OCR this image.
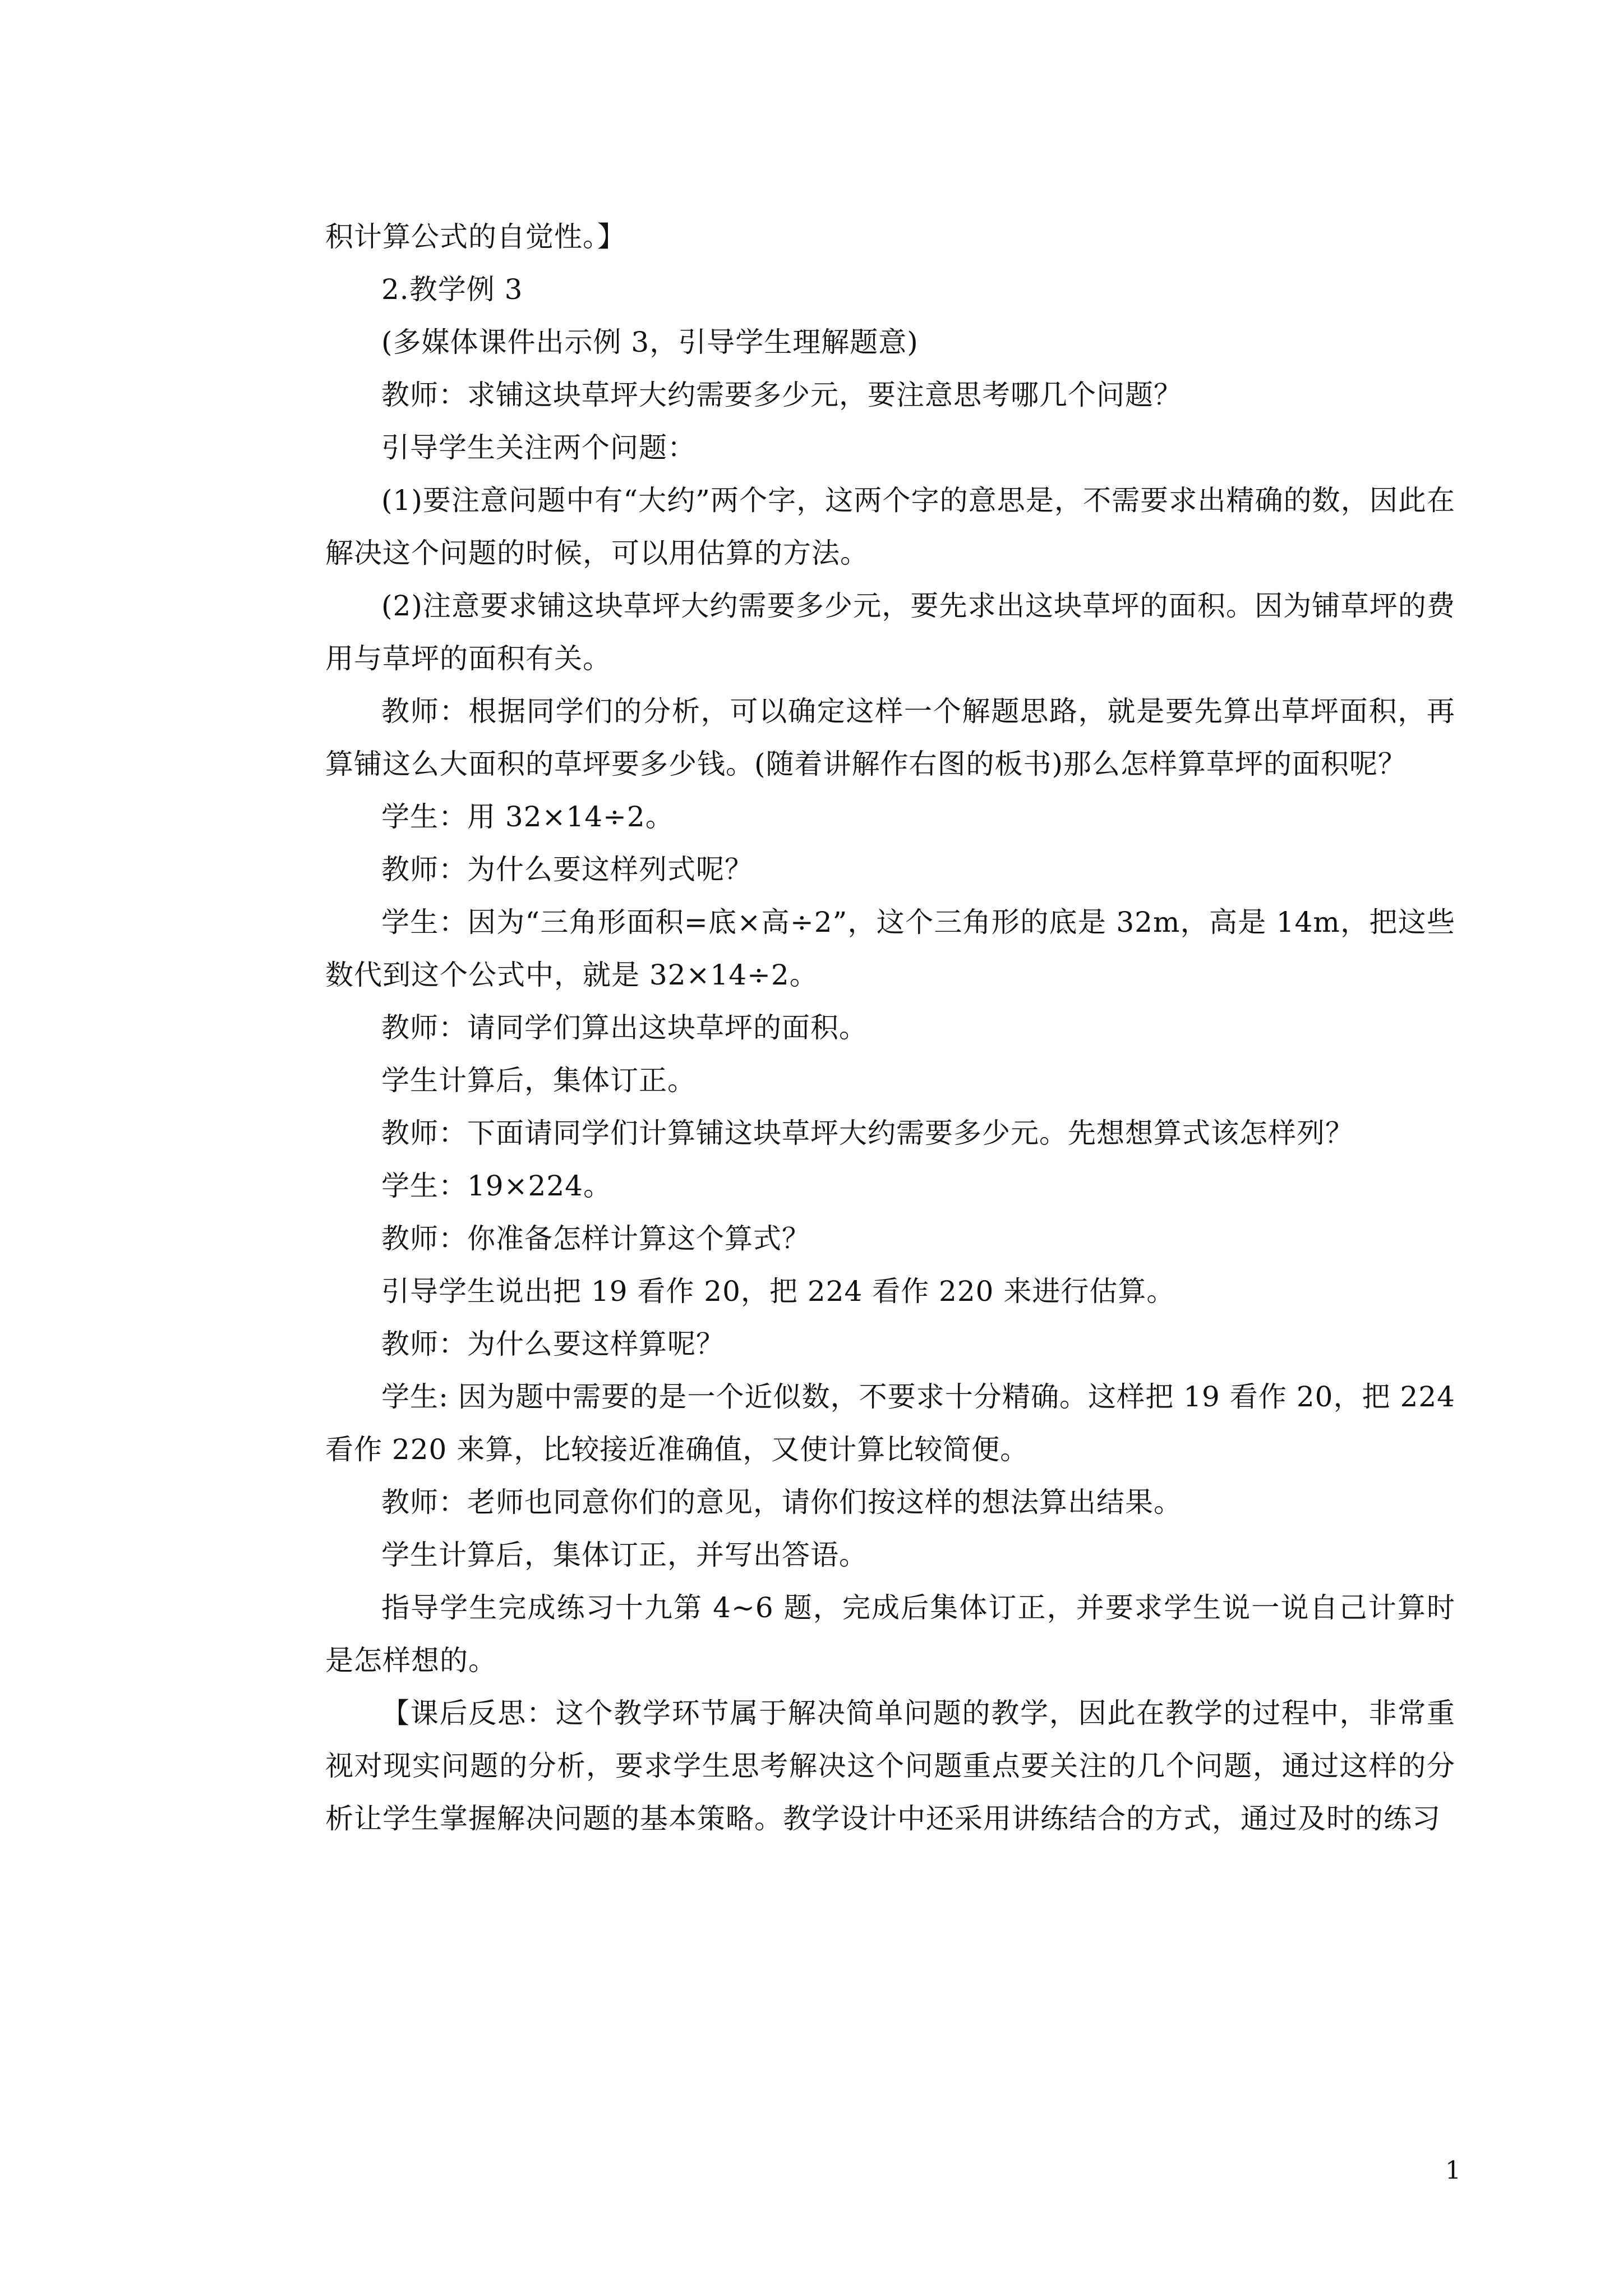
积计算公式的自觉性。】

2.教学例 3

(多媒体课件出示例 3，引导学生理解题意)

教师：求铺这块草坪大约需要多少元，要注意思考哪几个问题？

引导学生关注两个问题：

(1)要注意问题中有“大约”两个字，这两个字的意思是，不需要求出精确的数，因此在解决这个问题的时候，可以用估算的方法。

(2)注意要求铺这块草坪大约需要多少元，要先求出这块草坪的面积。因为铺草坪的费用与草坪的面积有关。

教师：根据同学们的分析，可以确定这样一个解题思路，就是要先算出草坪面积，再算铺这么大面积的草坪要多少钱。(随着讲解作右图的板书)那么怎样算草坪的面积呢？

学生：用 32×14÷2。

教师：为什么要这样列式呢？

学生：因为“三角形面积=底×高÷2”，这个三角形的底是 32m，高是 14m，把这些数代到这个公式中，就是 32×14÷2。

教师：请同学们算出这块草坪的面积。

学生计算后，集体订正。

教师：下面请同学们计算铺这块草坪大约需要多少元。先想想算式该怎样列？

学生：19×224。

教师：你准备怎样计算这个算式？

引导学生说出把 19 看作 20，把 224 看作 220 来进行估算。

教师：为什么要这样算呢？

学生: 因为题中需要的是一个近似数，不要求十分精确。这样把 19 看作 20，把 224 看作 220 来算，比较接近准确值，又使计算比较简便。

教师：老师也同意你们的意见，请你们按这样的想法算出结果。

学生计算后，集体订正，并写出答语。

指导学生完成练习十九第 4~6 题，完成后集体订正，并要求学生说一说自己计算时是怎样想的。

【课后反思：这个教学环节属于解决简单问题的教学，因此在教学的过程中，非常重视对现实问题的分析，要求学生思考解决这个问题重点要关注的几个问题，通过这样的分析让学生掌握解决问题的基本策略。教学设计中还采用讲练结合的方式，通过及时的练习

1
